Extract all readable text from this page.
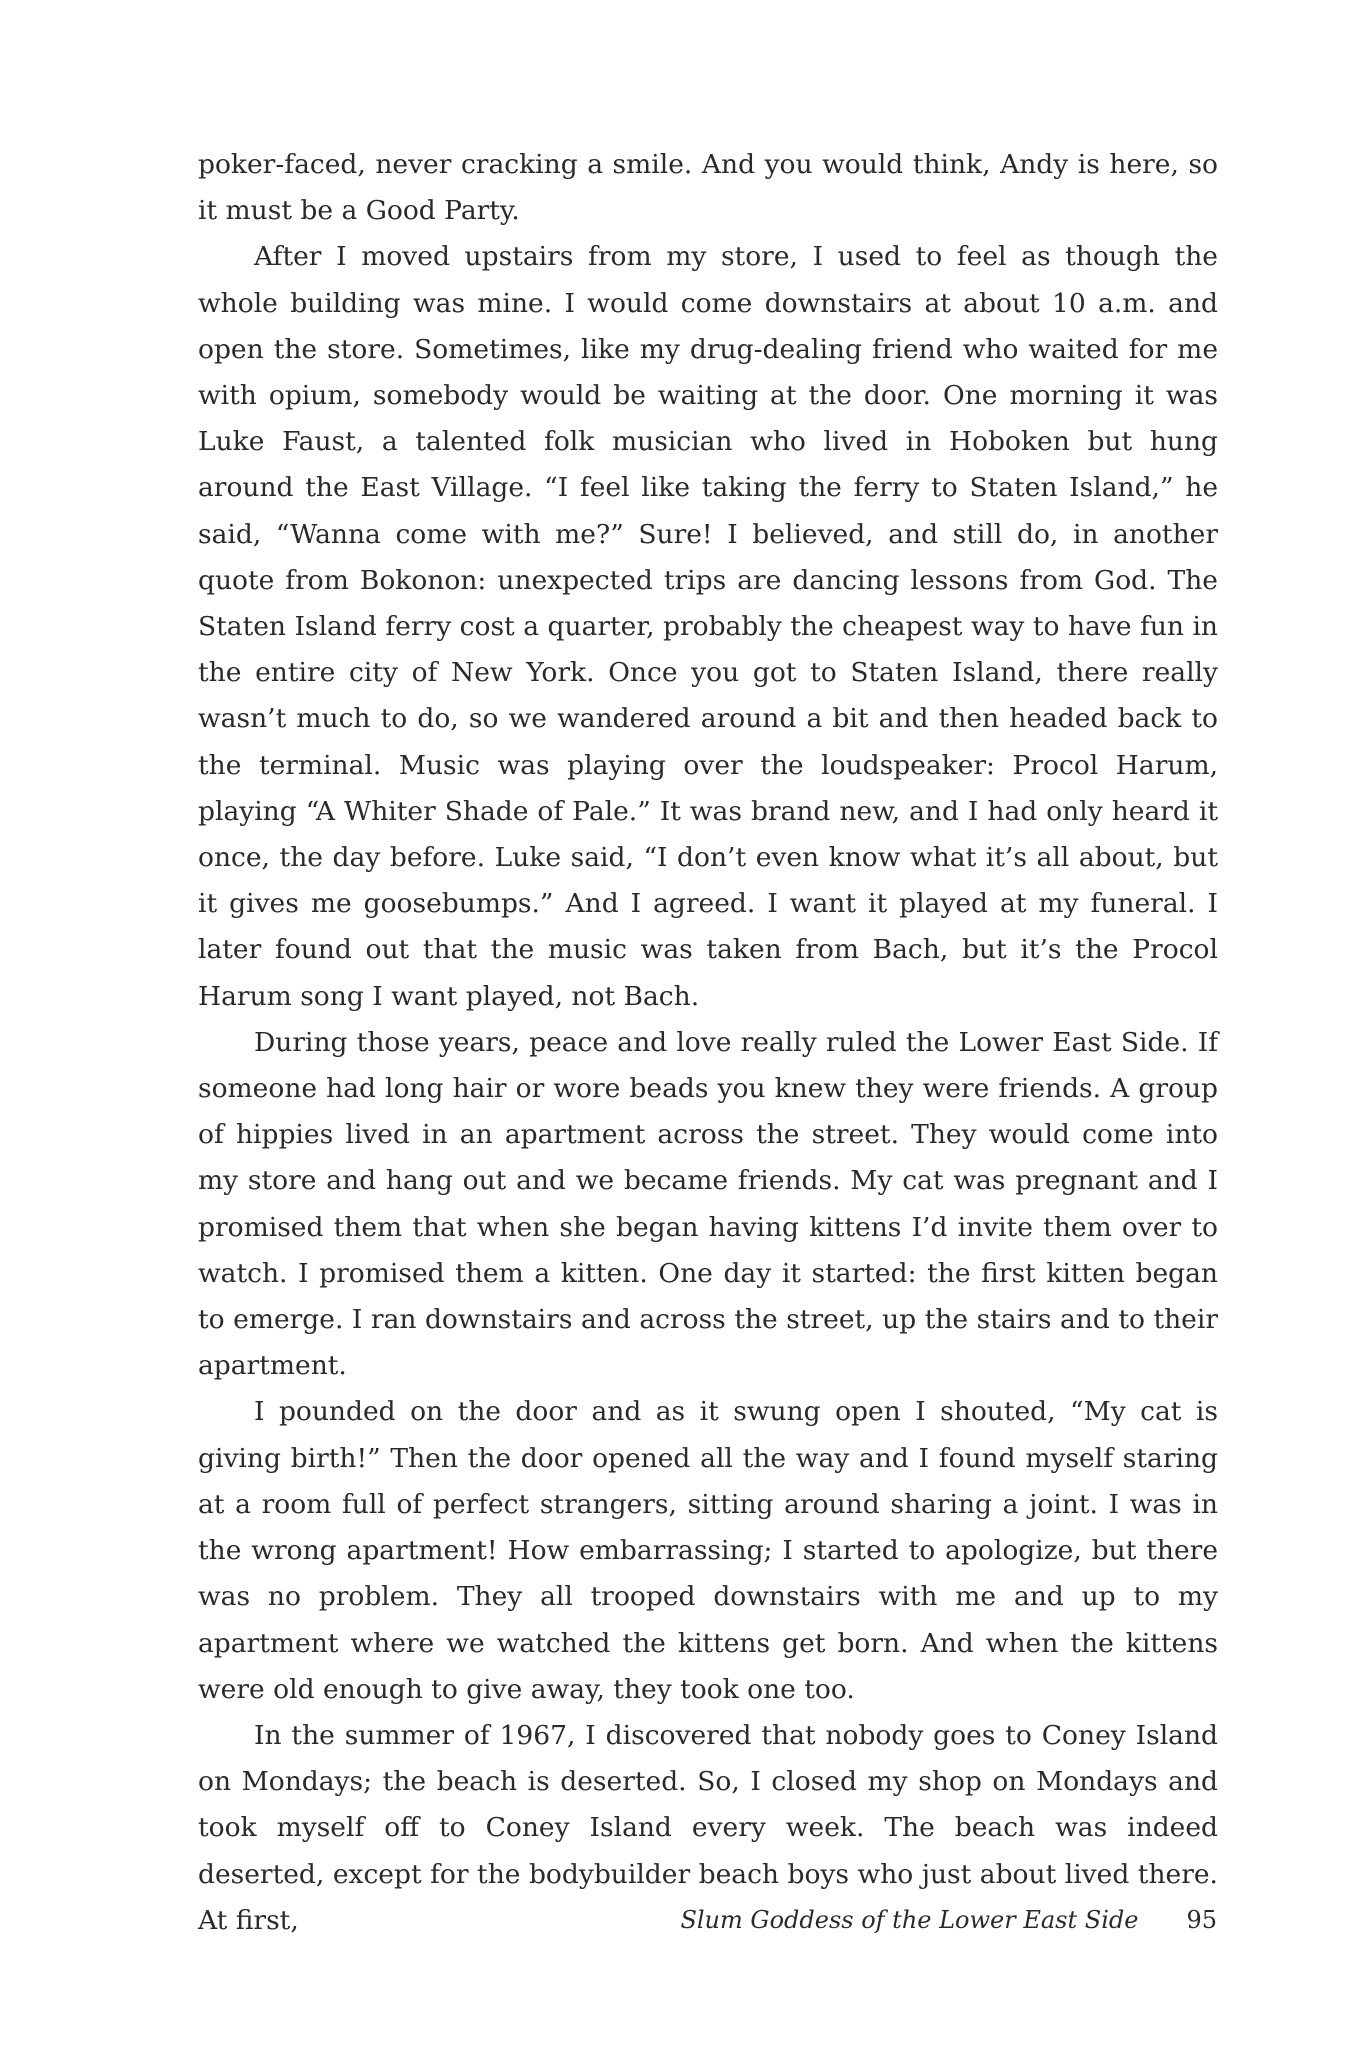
poker-faced, never cracking a smile. And you would think, Andy is here, so it must be a Good Party.

After I moved upstairs from my store, I used to feel as though the whole building was mine. I would come downstairs at about 10 a.m. and open the store. Sometimes, like my drug-dealing friend who waited for me with opium, somebody would be waiting at the door. One morning it was Luke Faust, a talented folk musician who lived in Hoboken but hung around the East Village. “I feel like taking the ferry to Staten Island,” he said, “Wanna come with me?” Sure! I believed, and still do, in another quote from Bokonon: unexpected trips are dancing lessons from God. The Staten Island ferry cost a quarter, probably the cheapest way to have fun in the entire city of New York. Once you got to Staten Island, there really wasn’t much to do, so we wandered around a bit and then headed back to the terminal. Music was playing over the loudspeaker: Procol Harum, playing “A Whiter Shade of Pale.” It was brand new, and I had only heard it once, the day before. Luke said, “I don’t even know what it’s all about, but it gives me goosebumps.” And I agreed. I want it played at my funeral. I later found out that the music was taken from Bach, but it’s the Procol Harum song I want played, not Bach.

During those years, peace and love really ruled the Lower East Side. If someone had long hair or wore beads you knew they were friends. A group of hippies lived in an apartment across the street. They would come into my store and hang out and we became friends. My cat was pregnant and I promised them that when she began having kittens I’d invite them over to watch. I promised them a kitten. One day it started: the first kitten began to emerge. I ran downstairs and across the street, up the stairs and to their apartment.

I pounded on the door and as it swung open I shouted, “My cat is giving birth!” Then the door opened all the way and I found myself staring at a room full of perfect strangers, sitting around sharing a joint. I was in the wrong apartment! How embarrassing; I started to apologize, but there was no problem. They all trooped downstairs with me and up to my apartment where we watched the kittens get born. And when the kittens were old enough to give away, they took one too.

In the summer of 1967, I discovered that nobody goes to Coney Island on Mondays; the beach is deserted. So, I closed my shop on Mondays and took myself off to Coney Island every week. The beach was indeed deserted, except for the bodybuilder beach boys who just about lived there. At first,	Slum Goddess of the Lower East Side 95
